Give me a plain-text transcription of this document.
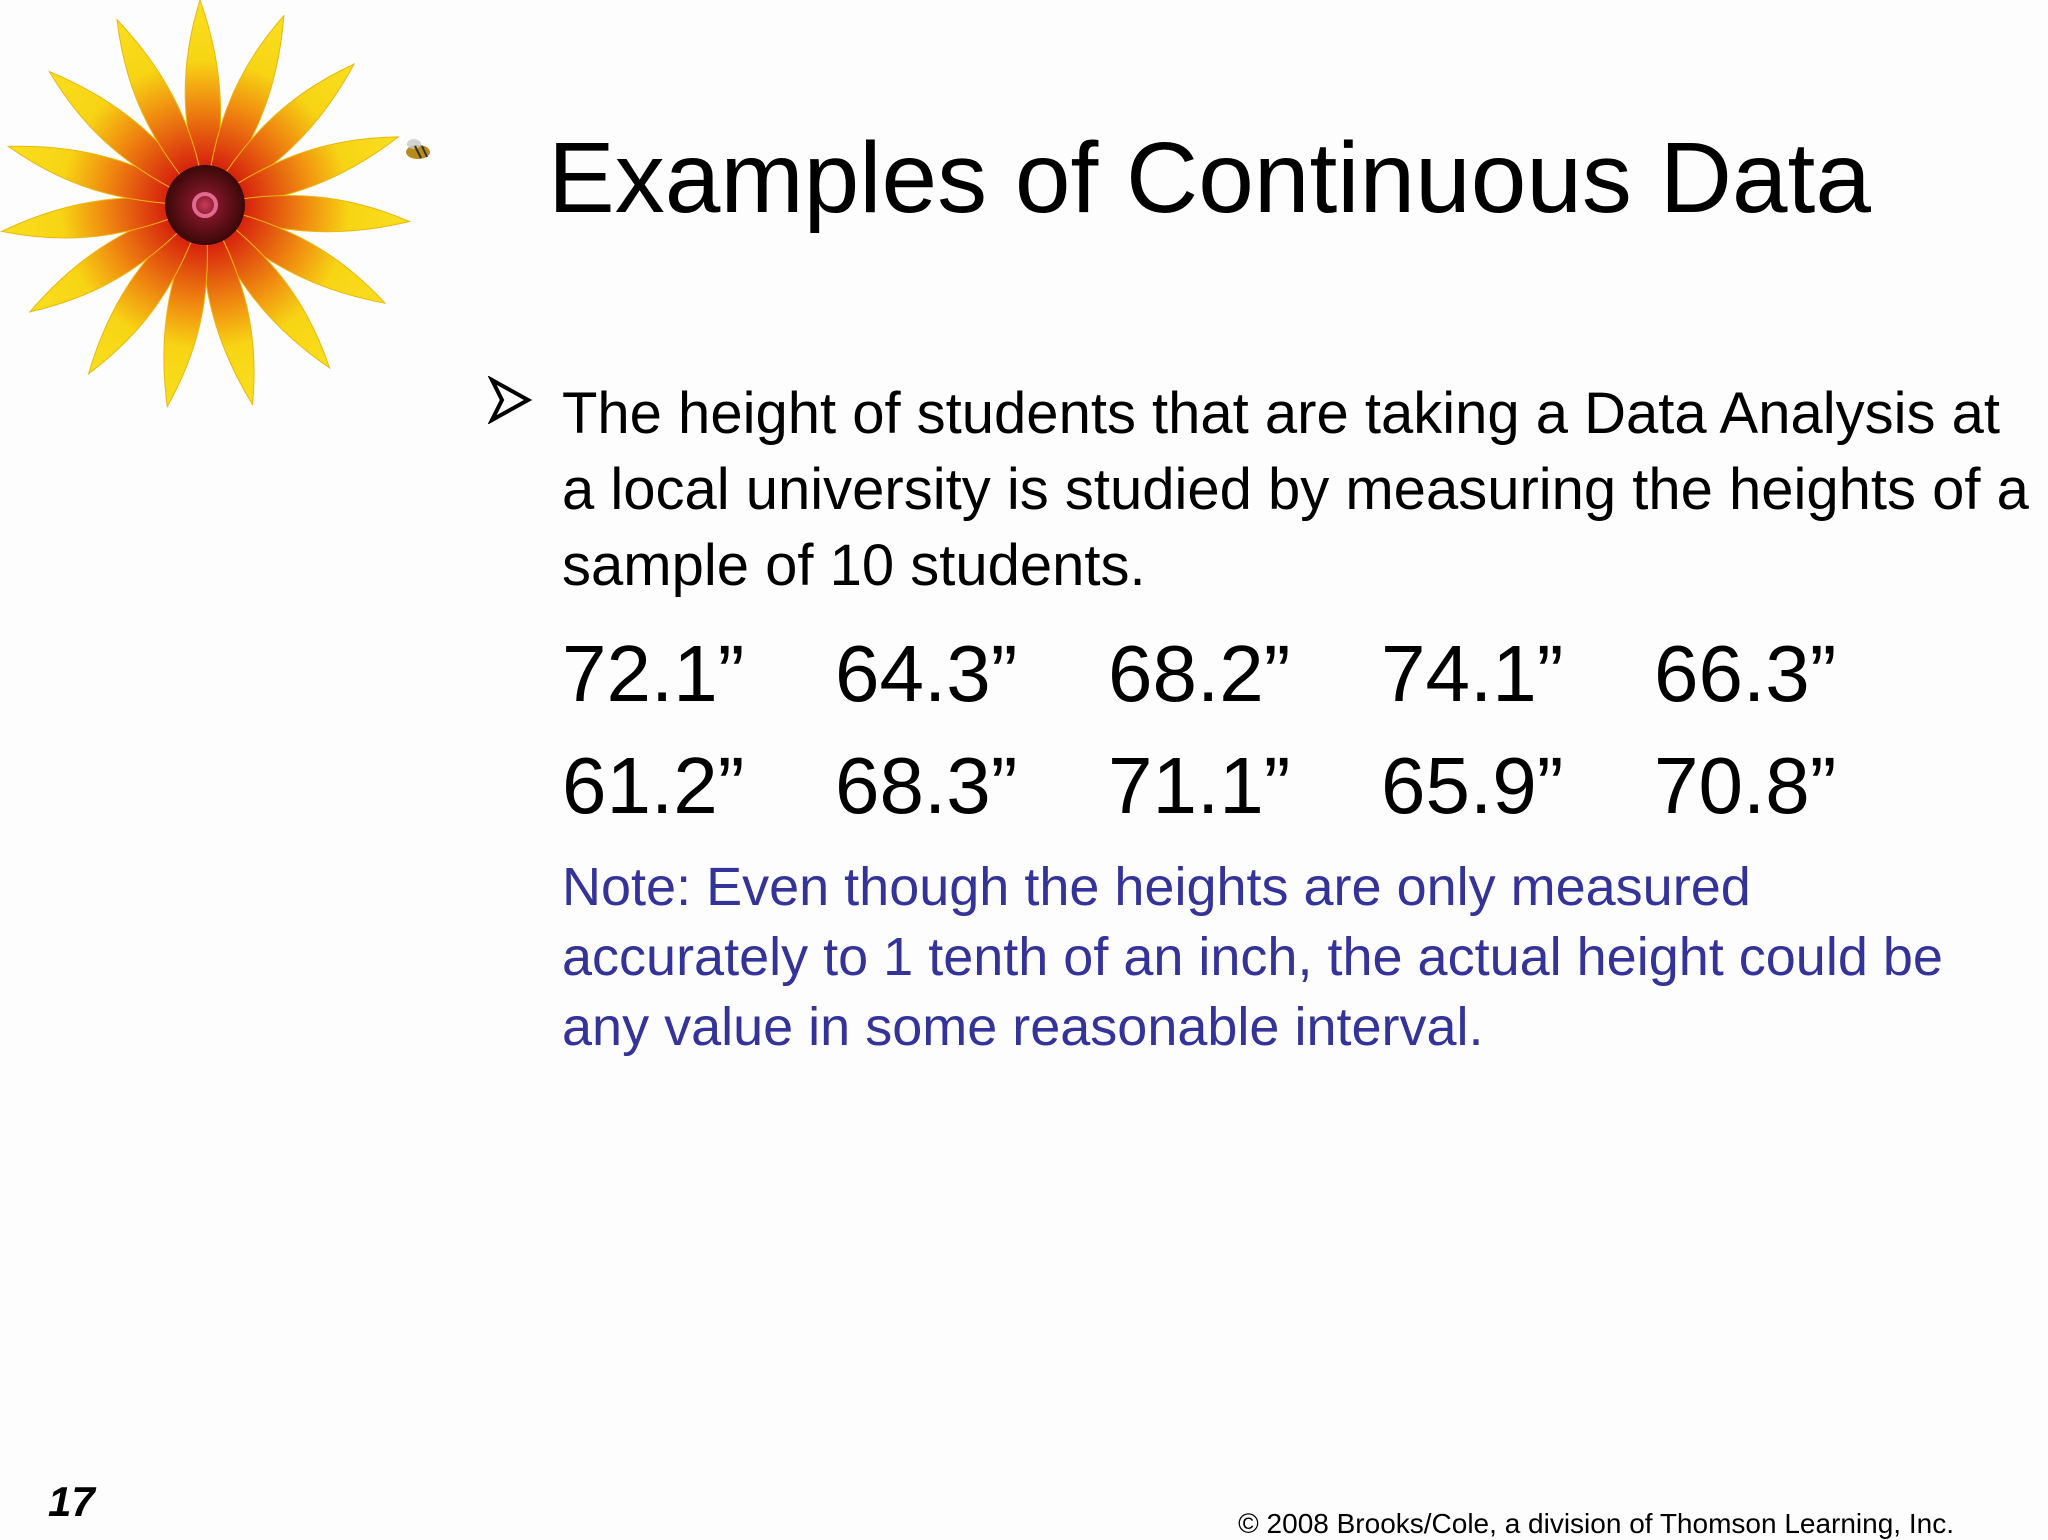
Examples of Continuous Data
The height of students that are taking a Data Analysis at a local university is studied by measuring the heights of a sample of 10 students.
72.1” 64.3” 68.2” 74.1” 66.3”
61.2” 68.3” 71.1” 65.9” 70.8”
Note: Even though the heights are only measured accurately to 1 tenth of an inch, the actual height could be any value in some reasonable interval.
17	© 2008 Brooks/Cole, a division of Thomson Learning, Inc.
